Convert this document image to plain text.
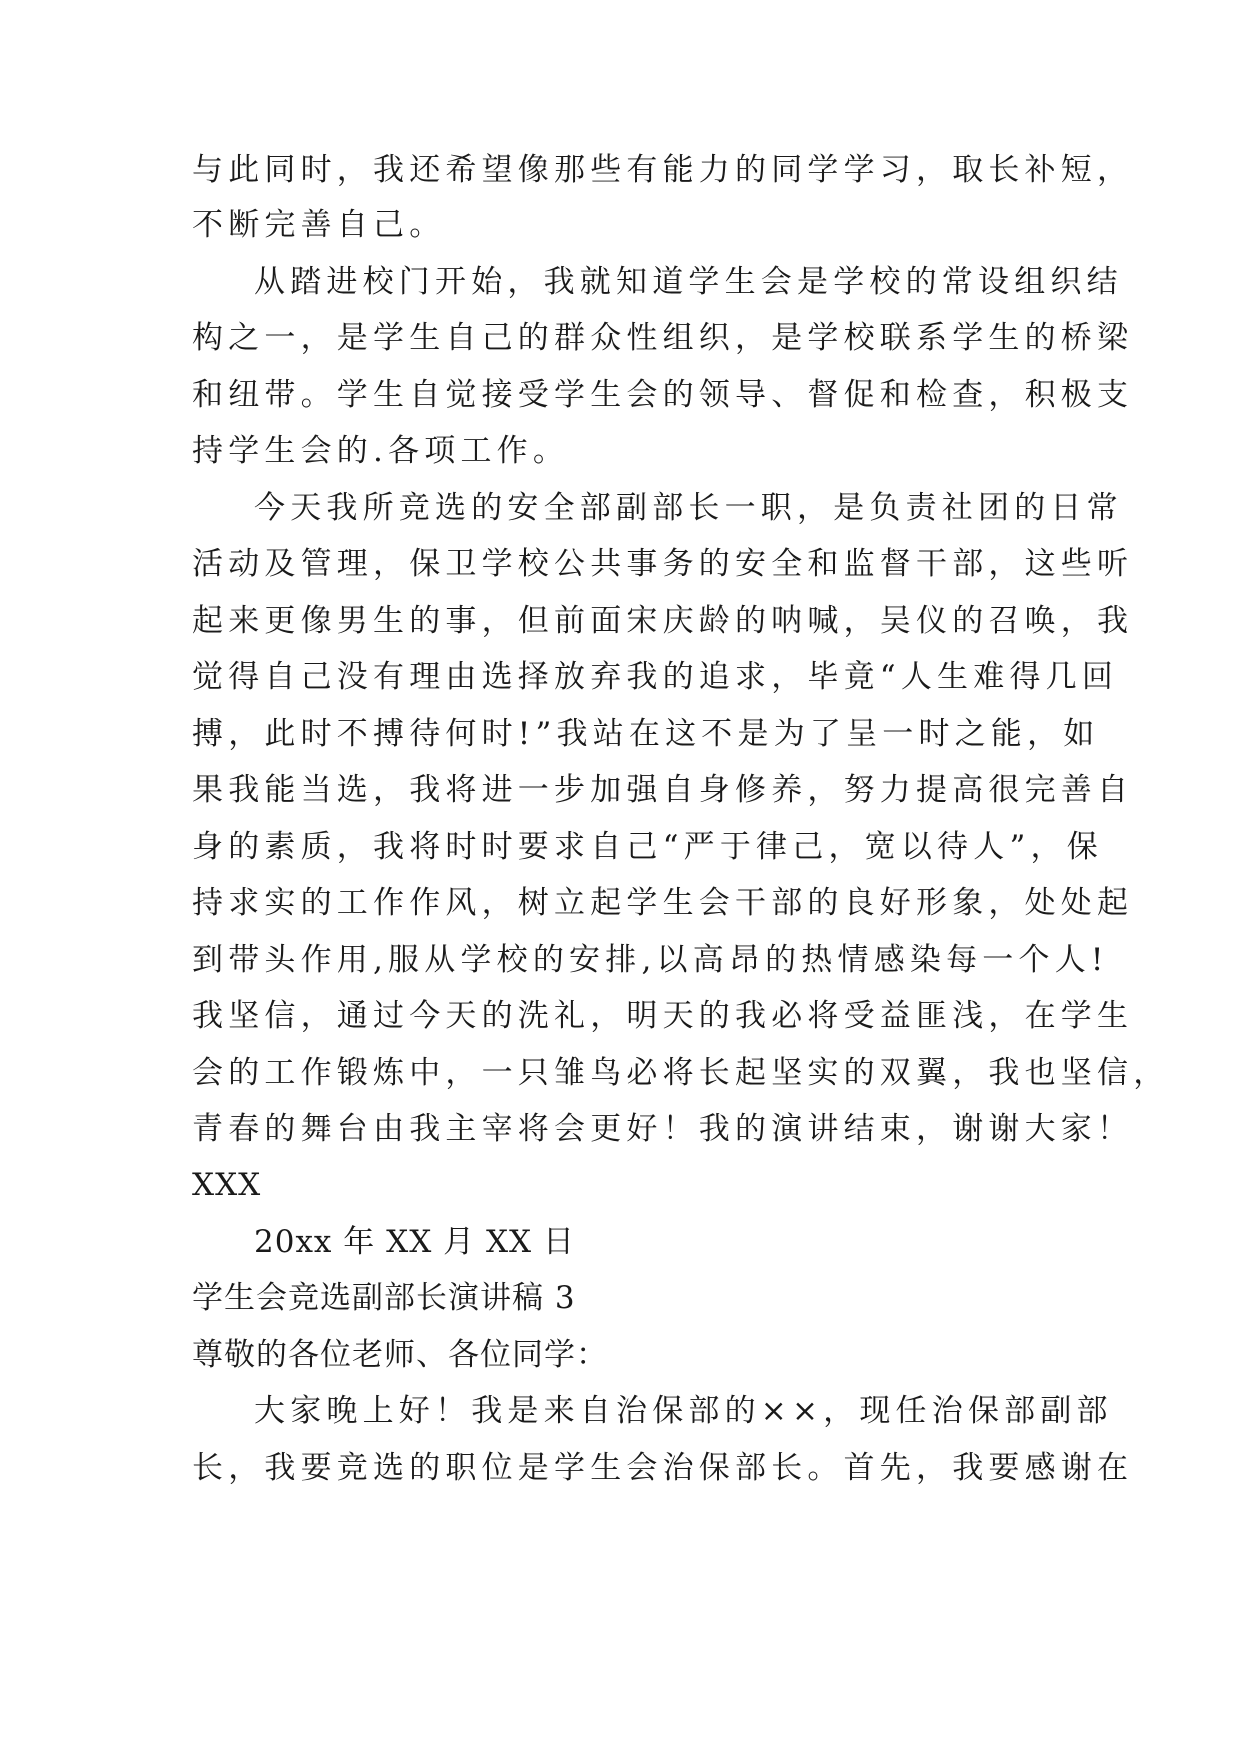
与此同时，我还希望像那些有能力的同学学习，取长补短，
不断完善自己。
从踏进校门开始，我就知道学生会是学校的常设组织结
构之一，是学生自己的群众性组织，是学校联系学生的桥梁
和纽带。学生自觉接受学生会的领导、督促和检查，积极支
持学生会的.各项工作。
今天我所竞选的安全部副部长一职，是负责社团的日常
活动及管理，保卫学校公共事务的安全和监督干部，这些听
起来更像男生的事，但前面宋庆龄的呐喊，吴仪的召唤，我
觉得自己没有理由选择放弃我的追求，毕竟“人生难得几回
搏，此时不搏待何时!”我站在这不是为了呈一时之能，如
果我能当选，我将进一步加强自身修养，努力提高很完善自
身的素质，我将时时要求自己“严于律己，宽以待人”，保
持求实的工作作风，树立起学生会干部的良好形象，处处起
到带头作用,服从学校的安排,以高昂的热情感染每一个人!
我坚信，通过今天的洗礼，明天的我必将受益匪浅，在学生
会的工作锻炼中，一只雏鸟必将长起坚实的双翼，我也坚信，
青春的舞台由我主宰将会更好！我的演讲结束，谢谢大家！
XXX
20xx 年 XX 月 XX 日
学生会竞选副部长演讲稿 3
尊敬的各位老师、各位同学：
大家晚上好！我是来自治保部的××，现任治保部副部
长，我要竞选的职位是学生会治保部长。首先，我要感谢在
